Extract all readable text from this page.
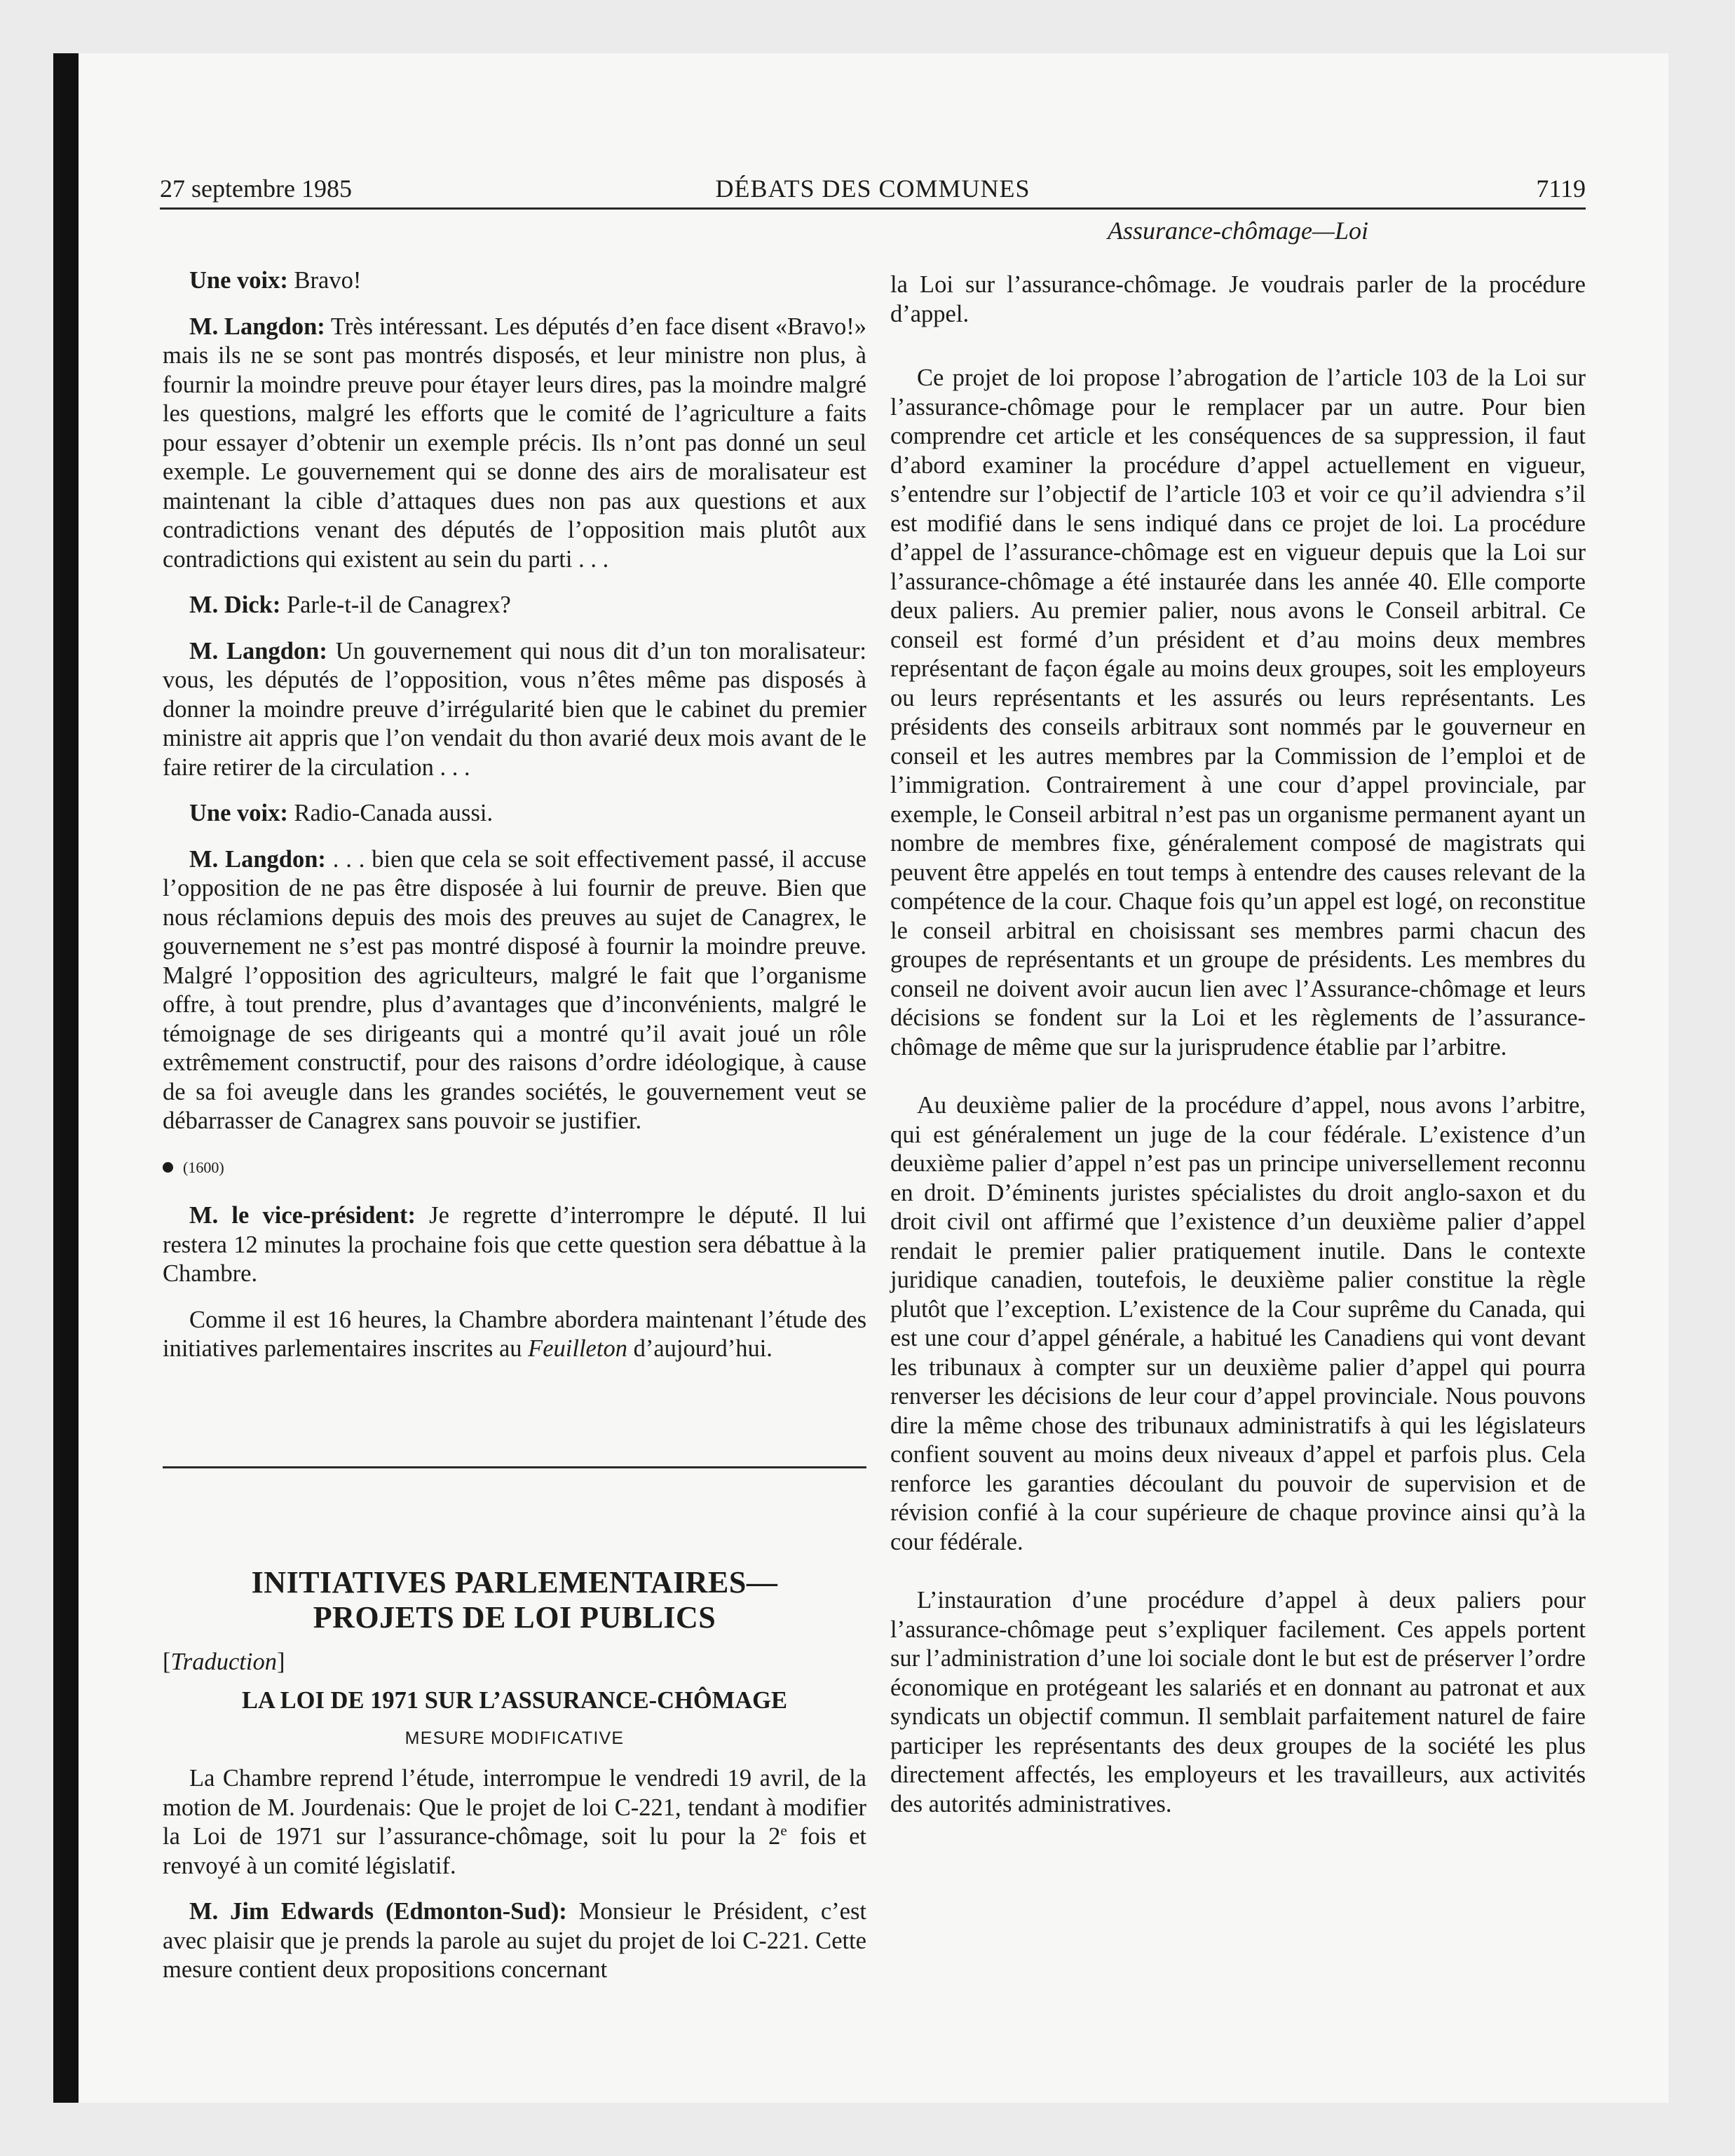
27 septembre 1985	DÉBATS DES COMMUNES	7119
Assurance-chômage—Loi

Une voix: Bravo!

M. Langdon: Très intéressant. Les députés d’en face disent «Bravo!» mais ils ne se sont pas montrés disposés, et leur ministre non plus, à fournir la moindre preuve pour étayer leurs dires, pas la moindre malgré les questions, malgré les efforts que le comité de l’agriculture a faits pour essayer d’obtenir un exemple précis. Ils n’ont pas donné un seul exemple. Le gouvernement qui se donne des airs de moralisateur est maintenant la cible d’attaques dues non pas aux questions et aux contradictions venant des députés de l’opposition mais plutôt aux contradictions qui existent au sein du parti . . .

M. Dick: Parle-t-il de Canagrex?

M. Langdon: Un gouvernement qui nous dit d’un ton moralisateur: vous, les députés de l’opposition, vous n’êtes même pas disposés à donner la moindre preuve d’irrégularité bien que le cabinet du premier ministre ait appris que l’on vendait du thon avarié deux mois avant de le faire retirer de la circulation . . .

Une voix: Radio-Canada aussi.

M. Langdon: . . . bien que cela se soit effectivement passé, il accuse l’opposition de ne pas être disposée à lui fournir de preuve. Bien que nous réclamions depuis des mois des preuves au sujet de Canagrex, le gouvernement ne s’est pas montré disposé à fournir la moindre preuve. Malgré l’opposition des agriculteurs, malgré le fait que l’organisme offre, à tout prendre, plus d’avantages que d’inconvénients, malgré le témoignage de ses dirigeants qui a montré qu’il avait joué un rôle extrêmement constructif, pour des raisons d’ordre idéologique, à cause de sa foi aveugle dans les grandes sociétés, le gouvernement veut se débarrasser de Canagrex sans pouvoir se justifier.

(1600)

M. le vice-président: Je regrette d’interrompre le député. Il lui restera 12 minutes la prochaine fois que cette question sera débattue à la Chambre.

Comme il est 16 heures, la Chambre abordera maintenant l’étude des initiatives parlementaires inscrites au Feuilleton d’aujourd’hui.

INITIATIVES PARLEMENTAIRES—
PROJETS DE LOI PUBLICS
[Traduction]
LA LOI DE 1971 SUR L’ASSURANCE-CHÔMAGE
MESURE MODIFICATIVE

La Chambre reprend l’étude, interrompue le vendredi 19 avril, de la motion de M. Jourdenais: Que le projet de loi C-221, tendant à modifier la Loi de 1971 sur l’assurance-chômage, soit lu pour la 2e fois et renvoyé à un comité législatif.

M. Jim Edwards (Edmonton-Sud): Monsieur le Président, c’est avec plaisir que je prends la parole au sujet du projet de loi C-221. Cette mesure contient deux propositions concernant

la Loi sur l’assurance-chômage. Je voudrais parler de la procédure d’appel.

Ce projet de loi propose l’abrogation de l’article 103 de la Loi sur l’assurance-chômage pour le remplacer par un autre. Pour bien comprendre cet article et les conséquences de sa suppression, il faut d’abord examiner la procédure d’appel actuellement en vigueur, s’entendre sur l’objectif de l’article 103 et voir ce qu’il adviendra s’il est modifié dans le sens indiqué dans ce projet de loi. La procédure d’appel de l’assurance-chômage est en vigueur depuis que la Loi sur l’assurance-chômage a été instaurée dans les année 40. Elle comporte deux paliers. Au premier palier, nous avons le Conseil arbitral. Ce conseil est formé d’un président et d’au moins deux membres représentant de façon égale au moins deux groupes, soit les employeurs ou leurs représentants et les assurés ou leurs représentants. Les présidents des conseils arbitraux sont nommés par le gouverneur en conseil et les autres membres par la Commission de l’emploi et de l’immigration. Contrairement à une cour d’appel provinciale, par exemple, le Conseil arbitral n’est pas un organisme permanent ayant un nombre de membres fixe, généralement composé de magistrats qui peuvent être appelés en tout temps à entendre des causes relevant de la compétence de la cour. Chaque fois qu’un appel est logé, on reconstitue le conseil arbitral en choisissant ses membres parmi chacun des groupes de représentants et un groupe de présidents. Les membres du conseil ne doivent avoir aucun lien avec l’Assurance-chômage et leurs décisions se fondent sur la Loi et les règlements de l’assurance-chômage de même que sur la jurisprudence établie par l’arbitre.

Au deuxième palier de la procédure d’appel, nous avons l’arbitre, qui est généralement un juge de la cour fédérale. L’existence d’un deuxième palier d’appel n’est pas un principe universellement reconnu en droit. D’éminents juristes spécialistes du droit anglo-saxon et du droit civil ont affirmé que l’existence d’un deuxième palier d’appel rendait le premier palier pratiquement inutile. Dans le contexte juridique canadien, toutefois, le deuxième palier constitue la règle plutôt que l’exception. L’existence de la Cour suprême du Canada, qui est une cour d’appel générale, a habitué les Canadiens qui vont devant les tribunaux à compter sur un deuxième palier d’appel qui pourra renverser les décisions de leur cour d’appel provinciale. Nous pouvons dire la même chose des tribunaux administratifs à qui les législateurs confient souvent au moins deux niveaux d’appel et parfois plus. Cela renforce les garanties découlant du pouvoir de supervision et de révision confié à la cour supérieure de chaque province ainsi qu’à la cour fédérale.

L’instauration d’une procédure d’appel à deux paliers pour l’assurance-chômage peut s’expliquer facilement. Ces appels portent sur l’administration d’une loi sociale dont le but est de préserver l’ordre économique en protégeant les salariés et en donnant au patronat et aux syndicats un objectif commun. Il semblait parfaitement naturel de faire participer les représentants des deux groupes de la société les plus directement affectés, les employeurs et les travailleurs, aux activités des autorités administratives.
